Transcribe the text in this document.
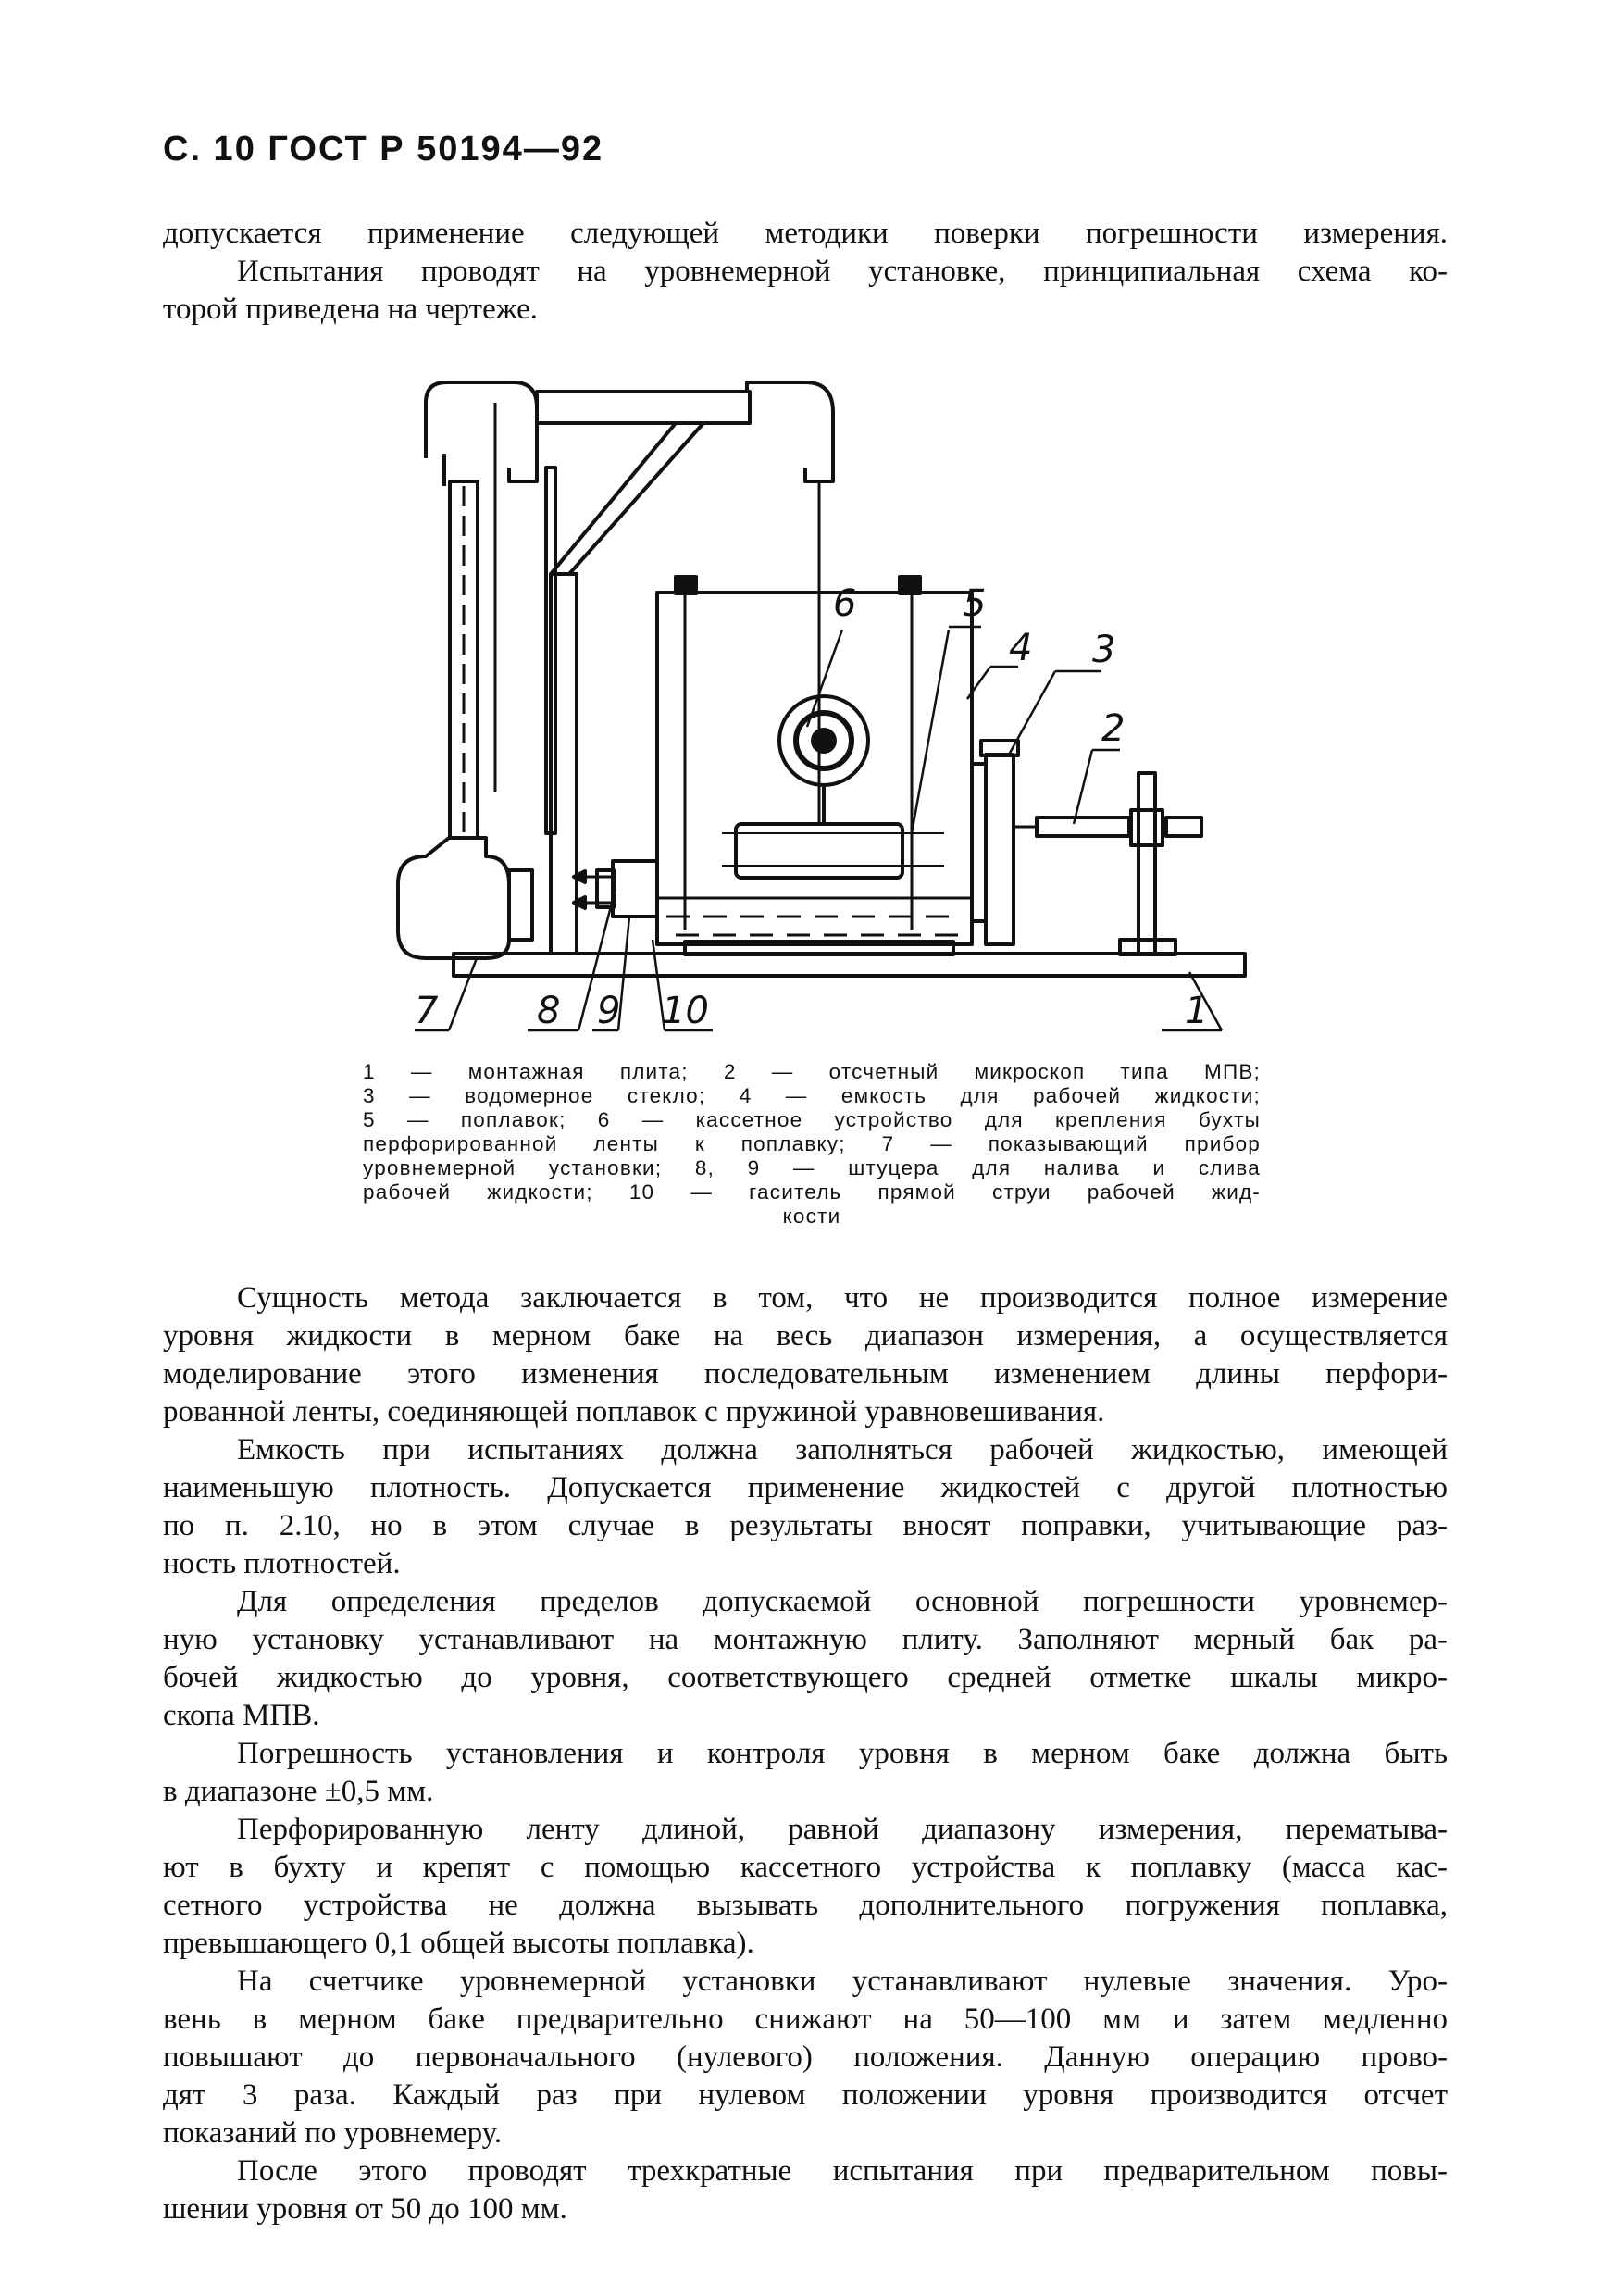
С. 10 ГОСТ Р 50194—92
допускается применение следующей методики поверки погрешности измерения.
Испытания проводят на уровнемерной установке, принципиальная схема ко-
торой приведена на чертеже.
6	5
4 3
2
1
7	8 9 10
1 — монтажная плита; 2 — отсчетный микроскоп типа МПВ;
3 — водомерное стекло; 4 — емкость для рабочей жидкости;
5 — поплавок; 6 — кассетное устройство для крепления бухты
перфорированной ленты к поплавку; 7 — показывающий прибор
уровнемерной установки; 8, 9 — штуцера для налива и слива
рабочей жидкости; 10 — гаситель прямой струи рабочей жид-
кости
Сущность метода заключается в том, что не производится полное измерение
уровня жидкости в мерном баке на весь диапазон измерения, а осуществляется
моделирование этого изменения последовательным изменением длины перфори-
рованной ленты, соединяющей поплавок с пружиной уравновешивания.
Емкость при испытаниях должна заполняться рабочей жидкостью, имеющей
наименьшую плотность. Допускается применение жидкостей с другой плотностью
по п. 2.10, но в этом случае в результаты вносят поправки, учитывающие раз-
ность плотностей.
Для определения пределов допускаемой основной погрешности уровнемер-
ную установку устанавливают на монтажную плиту. Заполняют мерный бак ра-
бочей жидкостью до уровня, соответствующего средней отметке шкалы микро-
скопа МПВ.
Погрешность установления и контроля уровня в мерном баке должна быть
в диапазоне ±0,5 мм.
Перфорированную ленту длиной, равной диапазону измерения, перематыва-
ют в бухту и крепят с помощью кассетного устройства к поплавку (масса кас-
сетного устройства не должна вызывать дополнительного погружения поплавка,
превышающего 0,1 общей высоты поплавка).
На счетчике уровнемерной установки устанавливают нулевые значения. Уро-
вень в мерном баке предварительно снижают на 50—100 мм и затем медленно
повышают до первоначального (нулевого) положения. Данную операцию прово-
дят 3 раза. Каждый раз при нулевом положении уровня производится отсчет
показаний по уровнемеру.
После этого проводят трехкратные испытания при предварительном повы-
шении уровня от 50 до 100 мм.
